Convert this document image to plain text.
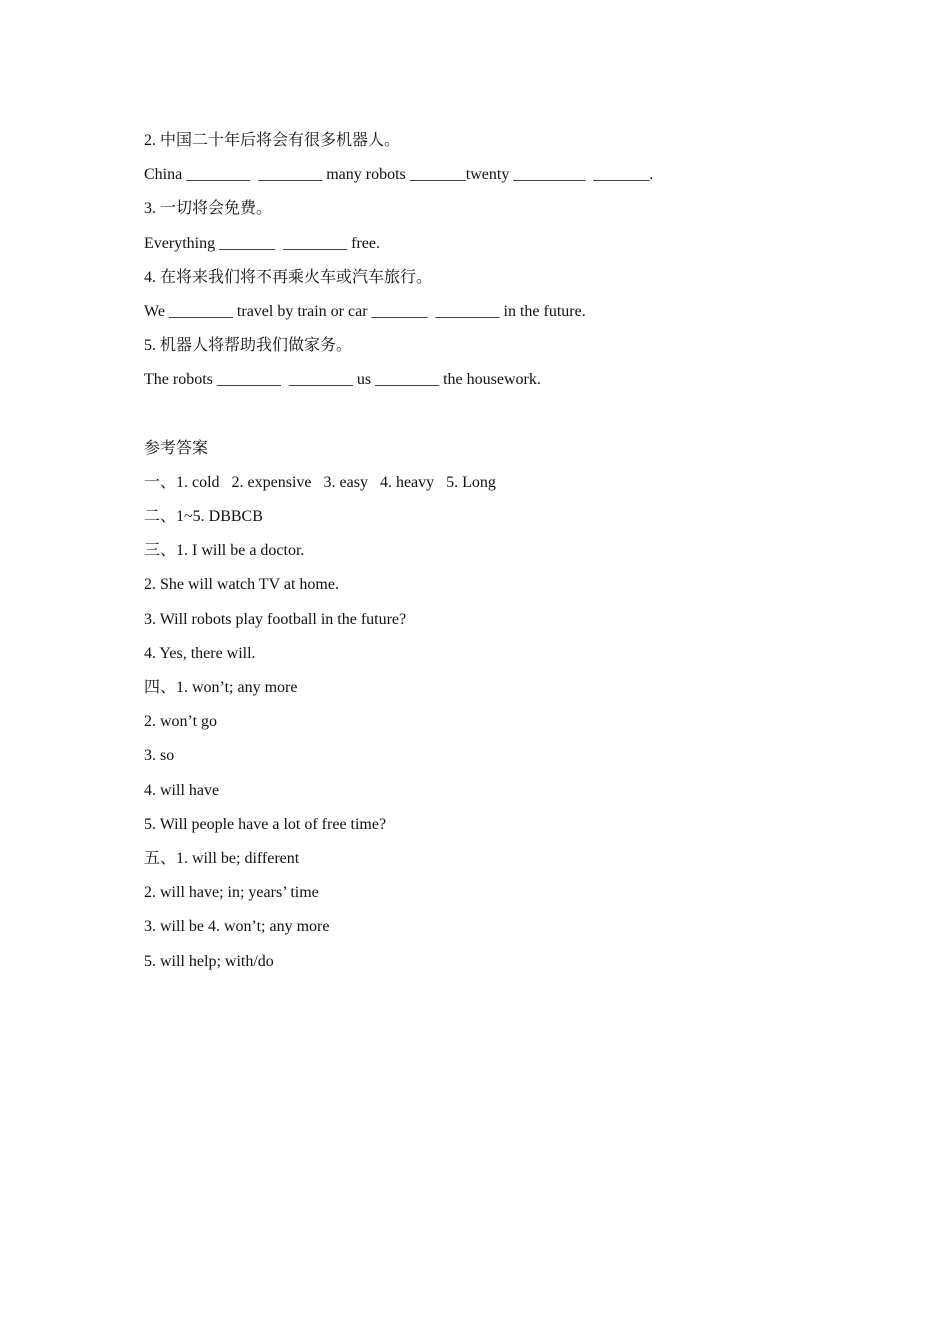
2. 中国二十年后将会有很多机器人。
China ________  ________ many robots _______twenty _________  _______.
3. 一切将会免费。
Everything _______  ________ free.
4. 在将来我们将不再乘火车或汽车旅行。
We ________ travel by train or car _______  ________ in the future.
5. 机器人将帮助我们做家务。
The robots ________  ________ us ________ the housework.
参考答案
一、1. cold   2. expensive   3. easy   4. heavy   5. Long
二、1~5. DBBCB
三、1. I will be a doctor.
2. She will watch TV at home.
3. Will robots play football in the future?
4. Yes, there will.
四、1. won’t; any more
2. won’t go
3. so
4. will have
5. Will people have a lot of free time?
五、1. will be; different
2. will have; in; years’ time
3. will be 4. won’t; any more
5. will help; with/do
